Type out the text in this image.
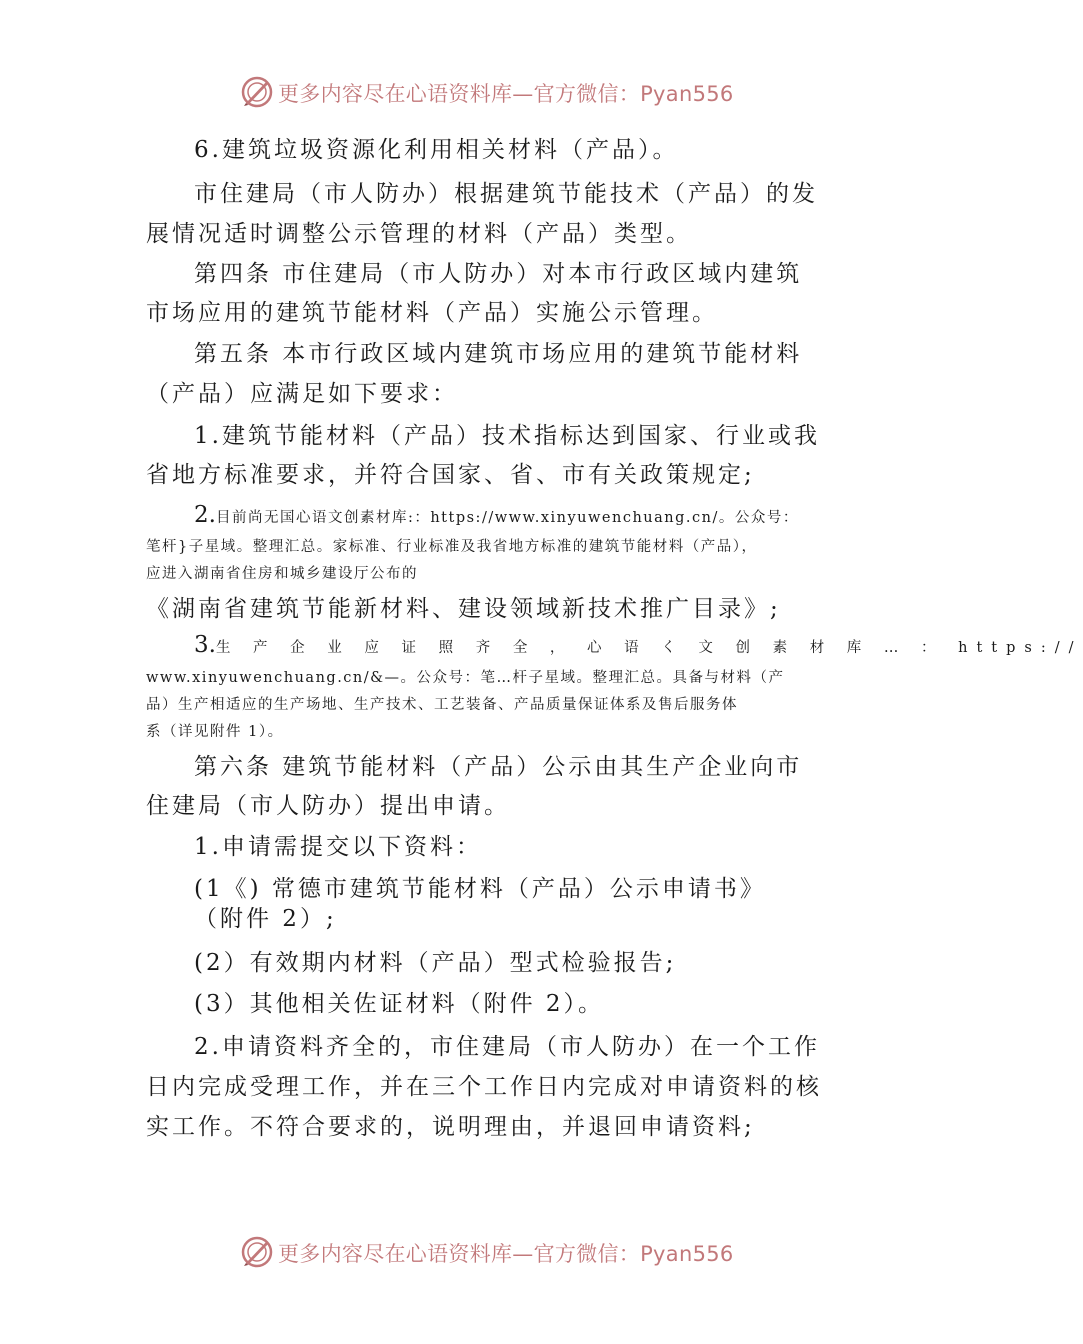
更多内容尽在心语资料库—官方微信：Pyan556
6.建筑垃圾资源化利用相关材料（产品）。
市住建局（市人防办）根据建筑节能技术（产品）的发
展情况适时调整公示管理的材料（产品）类型。
第四条 市住建局（市人防办）对本市行政区域内建筑
市场应用的建筑节能材料（产品）实施公示管理。
第五条 本市行政区域内建筑市场应用的建筑节能材料
（产品）应满足如下要求：
1.建筑节能材料（产品）技术指标达到国家、行业或我
省地方标准要求，并符合国家、省、市有关政策规定;
2.目前尚无国心语文创素材库:：https://www.xinyuwenchuang.cn/。公众号：
笔杆}子星域。整理汇总。家标准、行业标准及我省地方标准的建筑节能材料（产品），
应进入湖南省住房和城乡建设厅公布的
《湖南省建筑节能新材料、建设领域新技术推广目录》;
3.生 产 企 业 应 证 照 齐 全 ， 心 语 く 文 创 素 材 库 … ： https://
www.xinyuwenchuang.cn/&—。公众号：笔…杆子星域。整理汇总。具备与材料（产
品）生产相适应的生产场地、生产技术、工艺装备、产品质量保证体系及售后服务体
系（详见附件 1）。
第六条 建筑节能材料（产品）公示由其生产企业向市
住建局（市人防办）提出申请。
1.申请需提交以下资料：
(1《) 常德市建筑节能材料（产品）公示申请书》
（附件 2）;
(2）有效期内材料（产品）型式检验报告;
(3）其他相关佐证材料（附件 2）。
2.申请资料齐全的，市住建局（市人防办）在一个工作
日内完成受理工作，并在三个工作日内完成对申请资料的核
实工作。不符合要求的，说明理由，并退回申请资料;
更多内容尽在心语资料库—官方微信：Pyan556
